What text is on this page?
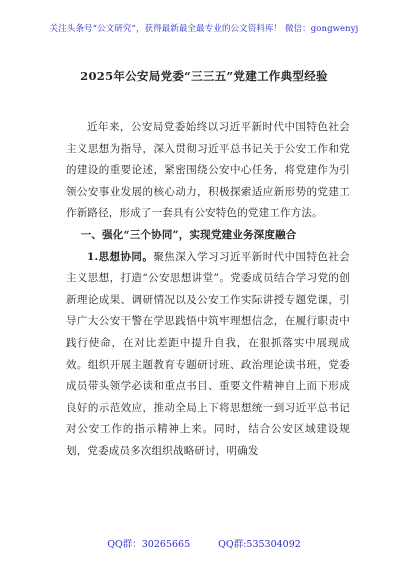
关注头条号“公文研究”，获得最新最全最专业的公文资料库！ 微信：gongwenyj
2025年公安局党委“三三五”党建工作典型经验

近年来，公安局党委始终以习近平新时代中国特色社会主义思想为指导，深入贯彻习近平总书记关于公安工作和党的建设的重要论述，紧密围绕公安中心任务，将党建作为引领公安事业发展的核心动力，积极探索适应新形势的党建工作新路径，形成了一套具有公安特色的党建工作方法。

一、强化“三个协同”，实现党建业务深度融合

1.思想协同。聚焦深入学习习近平新时代中国特色社会主义思想，打造“公安思想讲堂”。党委成员结合学习党的创新理论成果、调研情况以及公安工作实际讲授专题党课，引导广大公安干警在学思践悟中筑牢理想信念，在履行职责中践行使命，在对比差距中提升自我，在狠抓落实中展现成效。组织开展主题教育专题研讨班、政治理论读书班，党委成员带头领学必读和重点书目、重要文件精神自上而下形成良好的示范效应，推动全局上下将思想统一到习近平总书记对公安工作的指示精神上来。同时，结合公安区域建设规划，党委成员多次组织战略研讨，明确发

QQ群：30265665	QQ群:535304092
